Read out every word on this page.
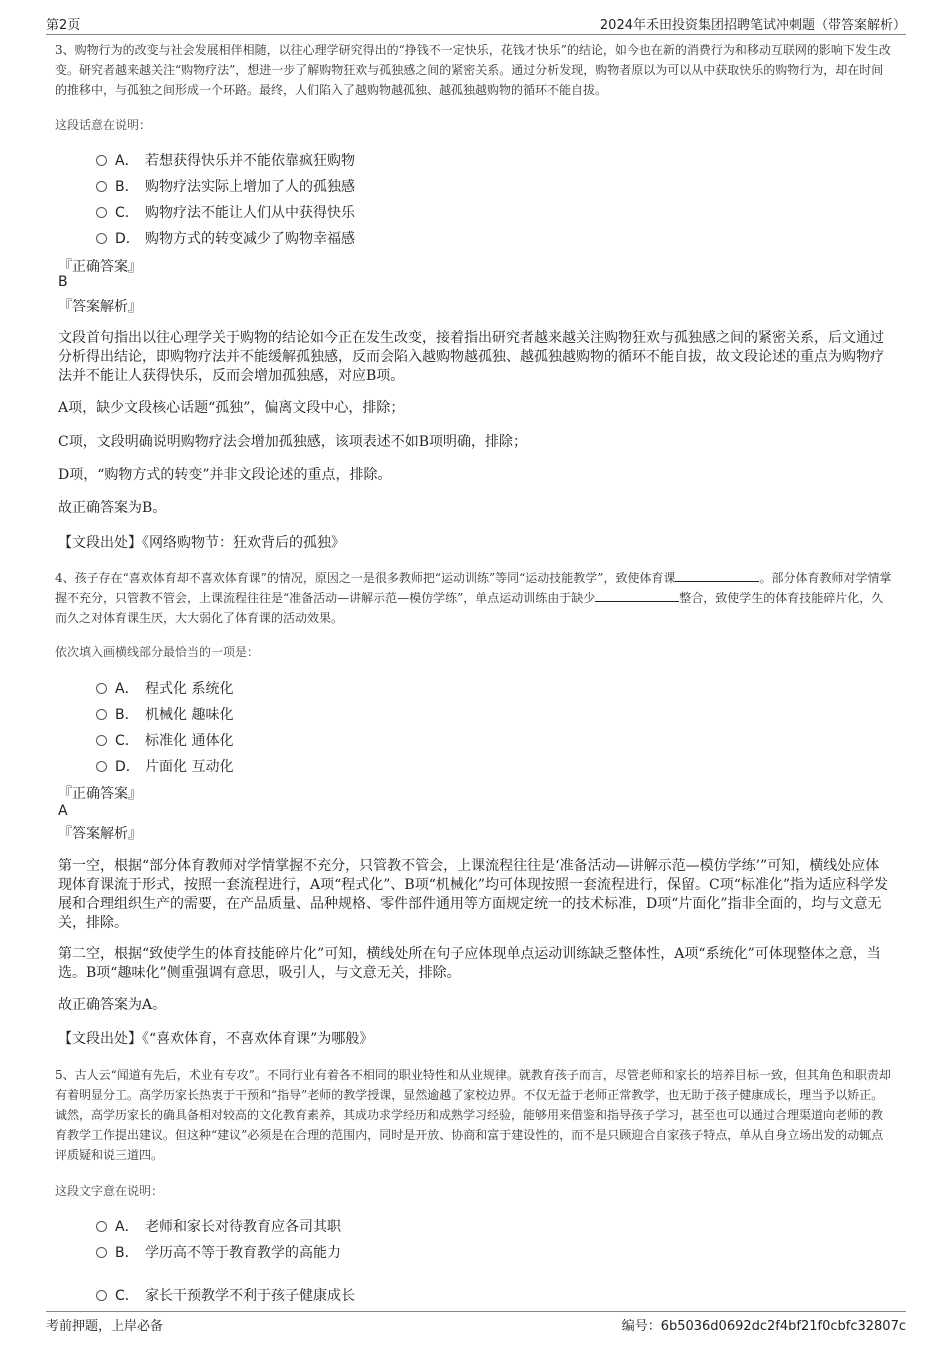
第2页	2024年禾田投资集团招聘笔试冲刺题（带答案解析）
3、购物行为的改变与社会发展相伴相随，以往心理学研究得出的“挣钱不一定快乐，花钱才快乐”的结论，如今也在新的消费行为和移动互联网的影响下发生改变。研究者越来越关注“购物疗法”，想进一步了解购物狂欢与孤独感之间的紧密关系。通过分析发现，购物者原以为可以从中获取快乐的购物行为，却在时间的推移中，与孤独之间形成一个环路。最终，人们陷入了越购物越孤独、越孤独越购物的循环不能自拔。
这段话意在说明：
A． 若想获得快乐并不能依靠疯狂购物
B． 购物疗法实际上增加了人的孤独感
C． 购物疗法不能让人们从中获得快乐
D． 购物方式的转变减少了购物幸福感
『正确答案』
B
『答案解析』
文段首句指出以往心理学关于购物的结论如今正在发生改变，接着指出研究者越来越关注购物狂欢与孤独感之间的紧密关系，后文通过分析得出结论，即购物疗法并不能缓解孤独感，反而会陷入越购物越孤独、越孤独越购物的循环不能自拔，故文段论述的重点为购物疗法并不能让人获得快乐，反而会增加孤独感，对应B项。
A项，缺少文段核心话题“孤独”，偏离文段中心，排除；
C项，文段明确说明购物疗法会增加孤独感，该项表述不如B项明确，排除；
D项，“购物方式的转变”并非文段论述的重点，排除。
故正确答案为B。
【文段出处】《网络购物节：狂欢背后的孤独》
4、孩子存在“喜欢体育却不喜欢体育课”的情况，原因之一是很多教师把“运动训练”等同“运动技能教学”，致使体育课	。部分体育教师对学情掌握不充分，只管教不管会，上课流程往往是“准备活动—讲解示范—模仿学练”，单点运动训练由于缺少	整合，致使学生的体育技能碎片化，久而久之对体育课生厌，大大弱化了体育课的活动效果。
依次填入画横线部分最恰当的一项是：
A． 程式化 系统化
B． 机械化 趣味化
C． 标准化 通体化
D． 片面化 互动化
『正确答案』
A
『答案解析』
第一空，根据“部分体育教师对学情掌握不充分，只管教不管会，上课流程往往是‘准备活动—讲解示范—模仿学练’”可知，横线处应体现体育课流于形式，按照一套流程进行，A项“程式化”、B项“机械化”均可体现按照一套流程进行，保留。C项“标准化”指为适应科学发展和合理组织生产的需要，在产品质量、品种规格、零件部件通用等方面规定统一的技术标准，D项“片面化”指非全面的，均与文意无关，排除。
第二空，根据“致使学生的体育技能碎片化”可知，横线处所在句子应体现单点运动训练缺乏整体性，A项“系统化”可体现整体之意，当选。B项“趣味化”侧重强调有意思，吸引人，与文意无关，排除。
故正确答案为A。
【文段出处】《“喜欢体育，不喜欢体育课”为哪般》
5、古人云“闻道有先后，术业有专攻”。不同行业有着各不相同的职业特性和从业规律。就教育孩子而言，尽管老师和家长的培养目标一致，但其角色和职责却有着明显分工。高学历家长热衷于干预和“指导”老师的教学授课，显然逾越了家校边界。不仅无益于老师正常教学，也无助于孩子健康成长，理当予以矫正。诚然，高学历家长的确具备相对较高的文化教育素养，其成功求学经历和成熟学习经验，能够用来借鉴和指导孩子学习，甚至也可以通过合理渠道向老师的教育教学工作提出建议。但这种“建议”必须是在合理的范围内，同时是开放、协商和富于建设性的，而不是只顾迎合自家孩子特点，单从自身立场出发的动辄点评质疑和说三道四。
这段文字意在说明：
A． 老师和家长对待教育应各司其职
B． 学历高不等于教育教学的高能力
C． 家长干预教学不利于孩子健康成长
考前押题，上岸必备	编号：6b5036d0692dc2f4bf21f0cbfc32807c
